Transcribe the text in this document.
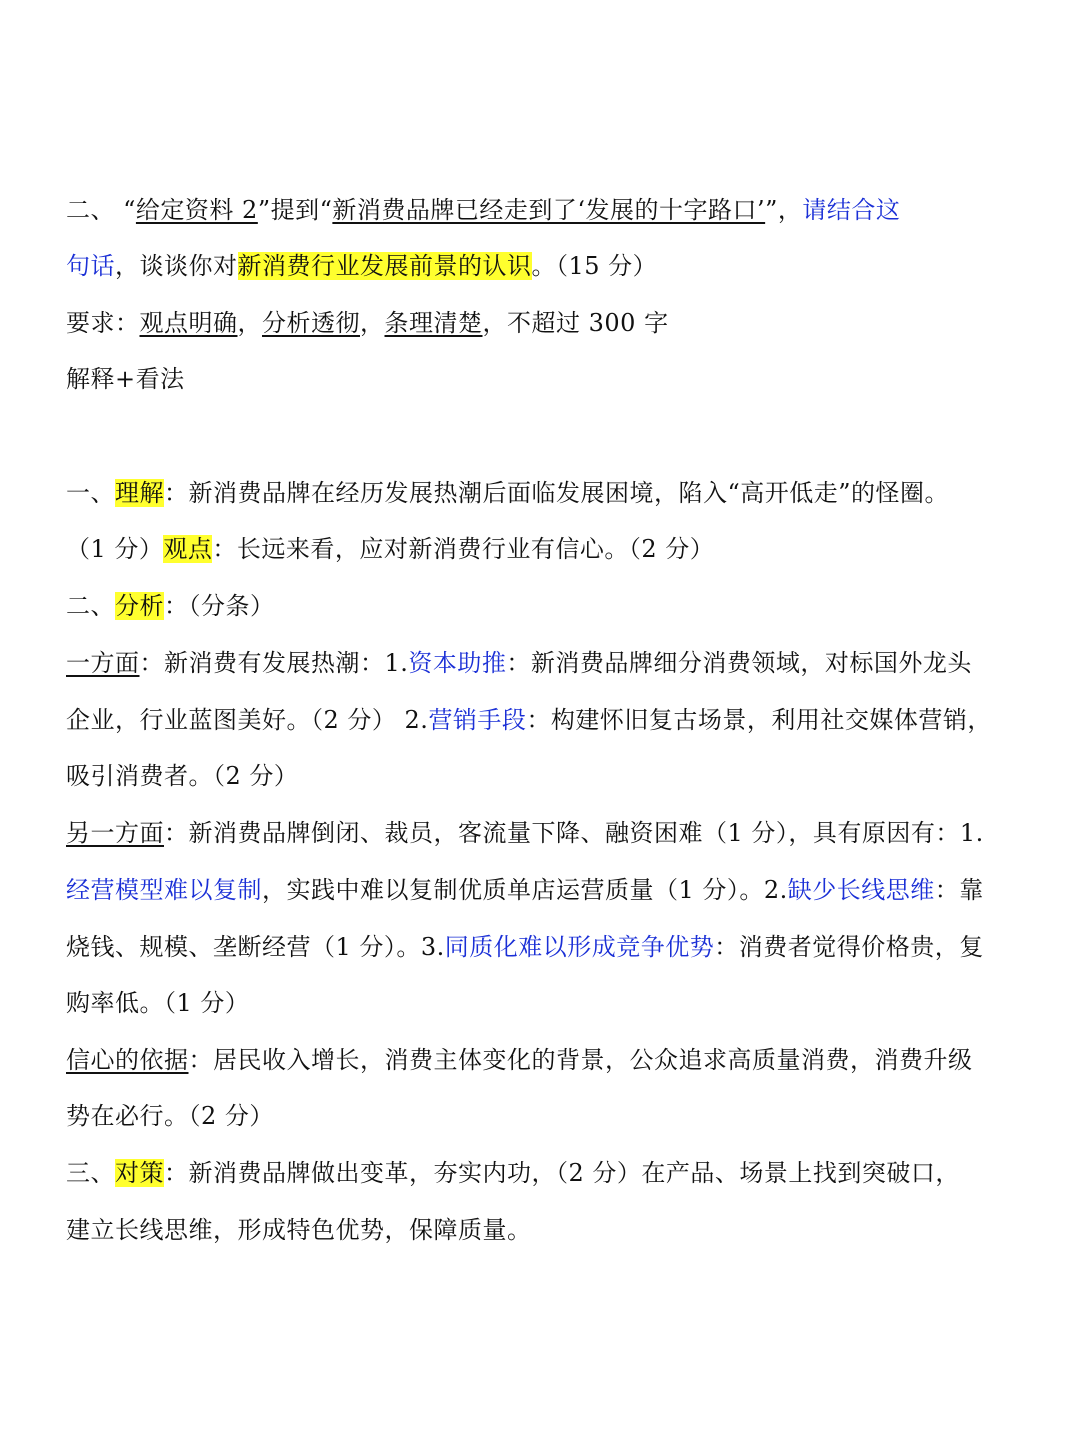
二、 “给定资料 2”提到“新消费品牌已经走到了‘发展的十字路口’”，请结合这
句话，谈谈你对新消费行业发展前景的认识。（15 分）
要求：观点明确，分析透彻，条理清楚，不超过 300 字
解释+看法
一、理解：新消费品牌在经历发展热潮后面临发展困境，陷入“高开低走”的怪圈。
（1 分）观点：长远来看，应对新消费行业有信心。（2 分）
二、分析：（分条）
一方面：新消费有发展热潮：1.资本助推：新消费品牌细分消费领域，对标国外龙头
企业，行业蓝图美好。（2 分） 2.营销手段：构建怀旧复古场景，利用社交媒体营销，
吸引消费者。（2 分）
另一方面：新消费品牌倒闭、裁员，客流量下降、融资困难（1 分），具有原因有：1.
经营模型难以复制，实践中难以复制优质单店运营质量（1 分）。2.缺少长线思维：靠
烧钱、规模、垄断经营（1 分）。3.同质化难以形成竞争优势：消费者觉得价格贵，复
购率低。（1 分）
信心的依据：居民收入增长，消费主体变化的背景，公众追求高质量消费，消费升级
势在必行。（2 分）
三、对策：新消费品牌做出变革，夯实内功，（2 分）在产品、场景上找到突破口，
建立长线思维，形成特色优势，保障质量。
